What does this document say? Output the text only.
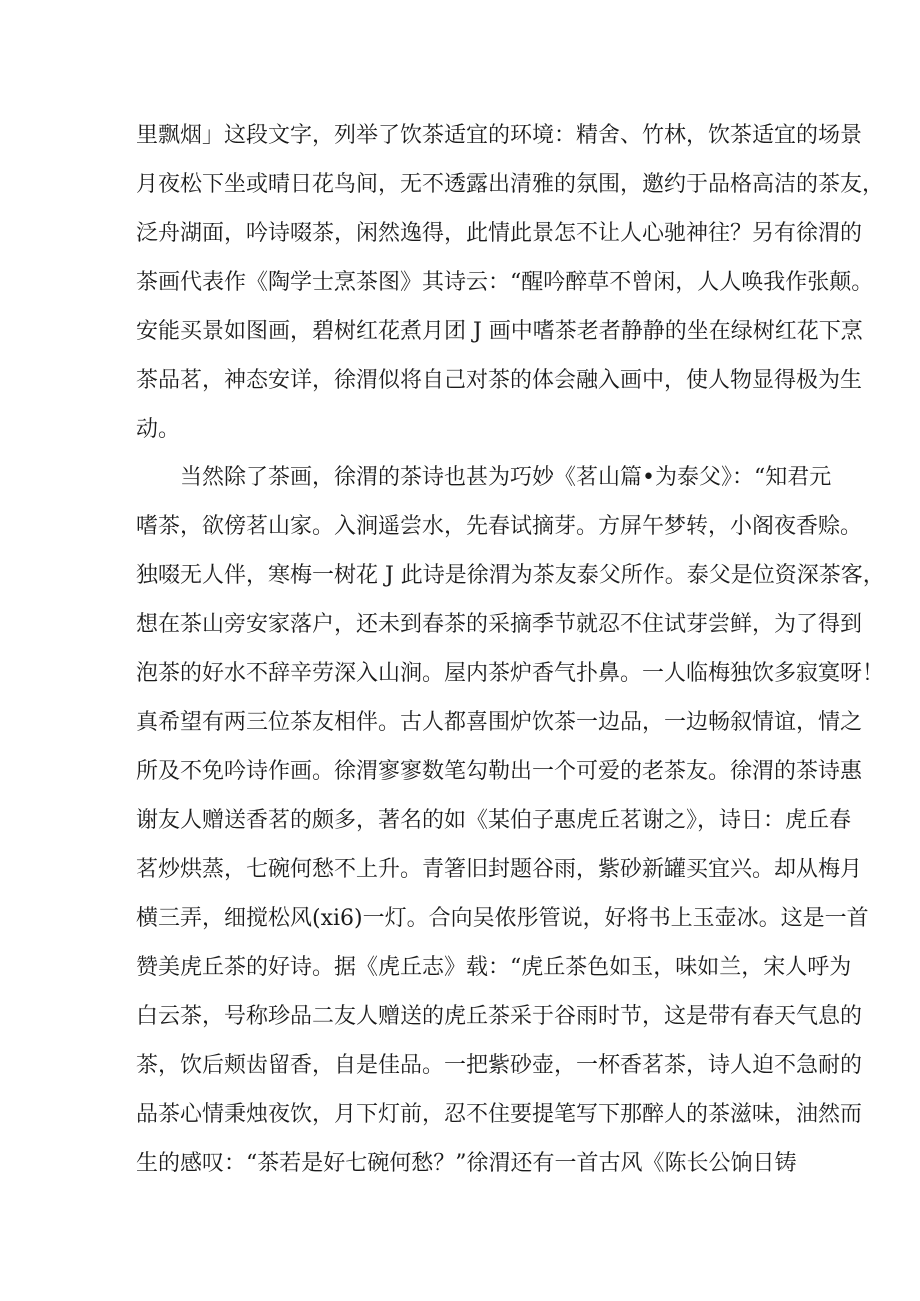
里飘烟」这段文字，列举了饮茶适宜的环境：精舍、竹林，饮茶适宜的场景
月夜松下坐或晴日花鸟间，无不透露出清雅的氛围，邀约于品格高洁的茶友，
泛舟湖面，吟诗啜茶，闲然逸得，此情此景怎不让人心驰神往？另有徐渭的
茶画代表作《陶学士烹茶图》其诗云：“醒吟醉草不曾闲，人人唤我作张颠。
安能买景如图画，碧树红花煮月团 J 画中嗜茶老者静静的坐在绿树红花下烹
茶品茗，神态安详，徐渭似将自己对茶的体会融入画中，使人物显得极为生
动。
当然除了茶画，徐渭的茶诗也甚为巧妙《茗山篇•为泰父》：“知君元
嗜茶，欲傍茗山家。入涧遥尝水，先春试摘芽。方屏午梦转，小阁夜香赊。
独啜无人伴，寒梅一树花 J 此诗是徐渭为茶友泰父所作。泰父是位资深茶客，
想在茶山旁安家落户，还未到春茶的采摘季节就忍不住试芽尝鲜，为了得到
泡茶的好水不辞辛劳深入山涧。屋内茶炉香气扑鼻。一人临梅独饮多寂寞呀！
真希望有两三位茶友相伴。古人都喜围炉饮茶一边品，一边畅叙情谊，情之
所及不免吟诗作画。徐渭寥寥数笔勾勒出一个可爱的老茶友。徐渭的茶诗惠
谢友人赠送香茗的颇多，著名的如《某伯子惠虎丘茗谢之》，诗日：虎丘春
茗炒烘蒸，七碗何愁不上升。青箸旧封题谷雨，紫砂新罐买宜兴。却从梅月
横三弄，细搅松风(xi6)一灯。合向吴侬彤管说，好将书上玉壶冰。这是一首
赞美虎丘茶的好诗。据《虎丘志》载：“虎丘茶色如玉，味如兰，宋人呼为
白云茶，号称珍品二友人赠送的虎丘茶采于谷雨时节，这是带有春天气息的
茶，饮后颊齿留香，自是佳品。一把紫砂壶，一杯香茗茶，诗人迫不急耐的
品茶心情秉烛夜饮，月下灯前，忍不住要提笔写下那醉人的茶滋味，油然而
生的感叹：“茶若是好七碗何愁？”徐渭还有一首古风《陈长公饷日铸
